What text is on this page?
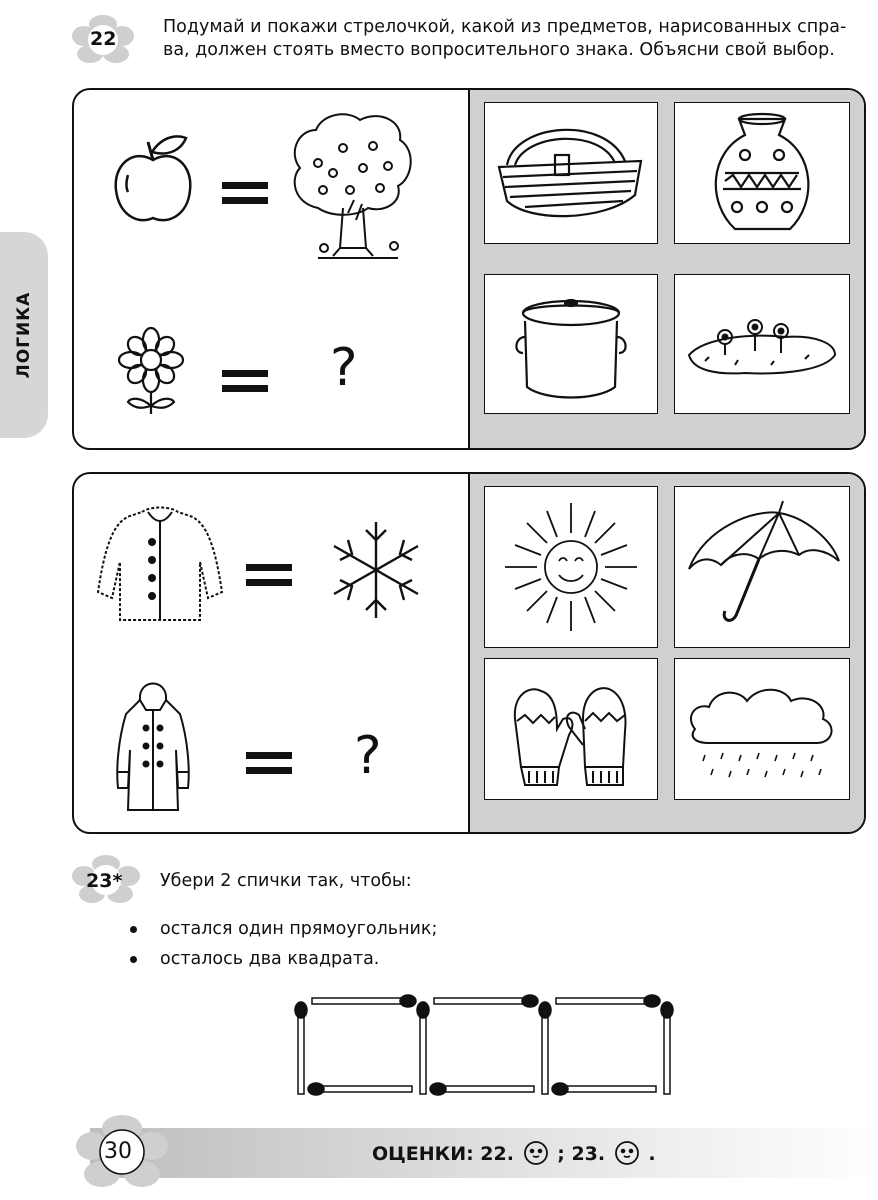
22
Подумай и покажи стрелочкой, какой из предметов, нарисованных спра-
ва, должен стоять вместо вопросительного знака. Объясни свой выбор.
ЛОГИКА	?
?
23* Убери 2 спички так, чтобы:
остался один прямоугольник;
осталось два квадрата.
30	ОЦЕНКИ: 22. ; 23. .
